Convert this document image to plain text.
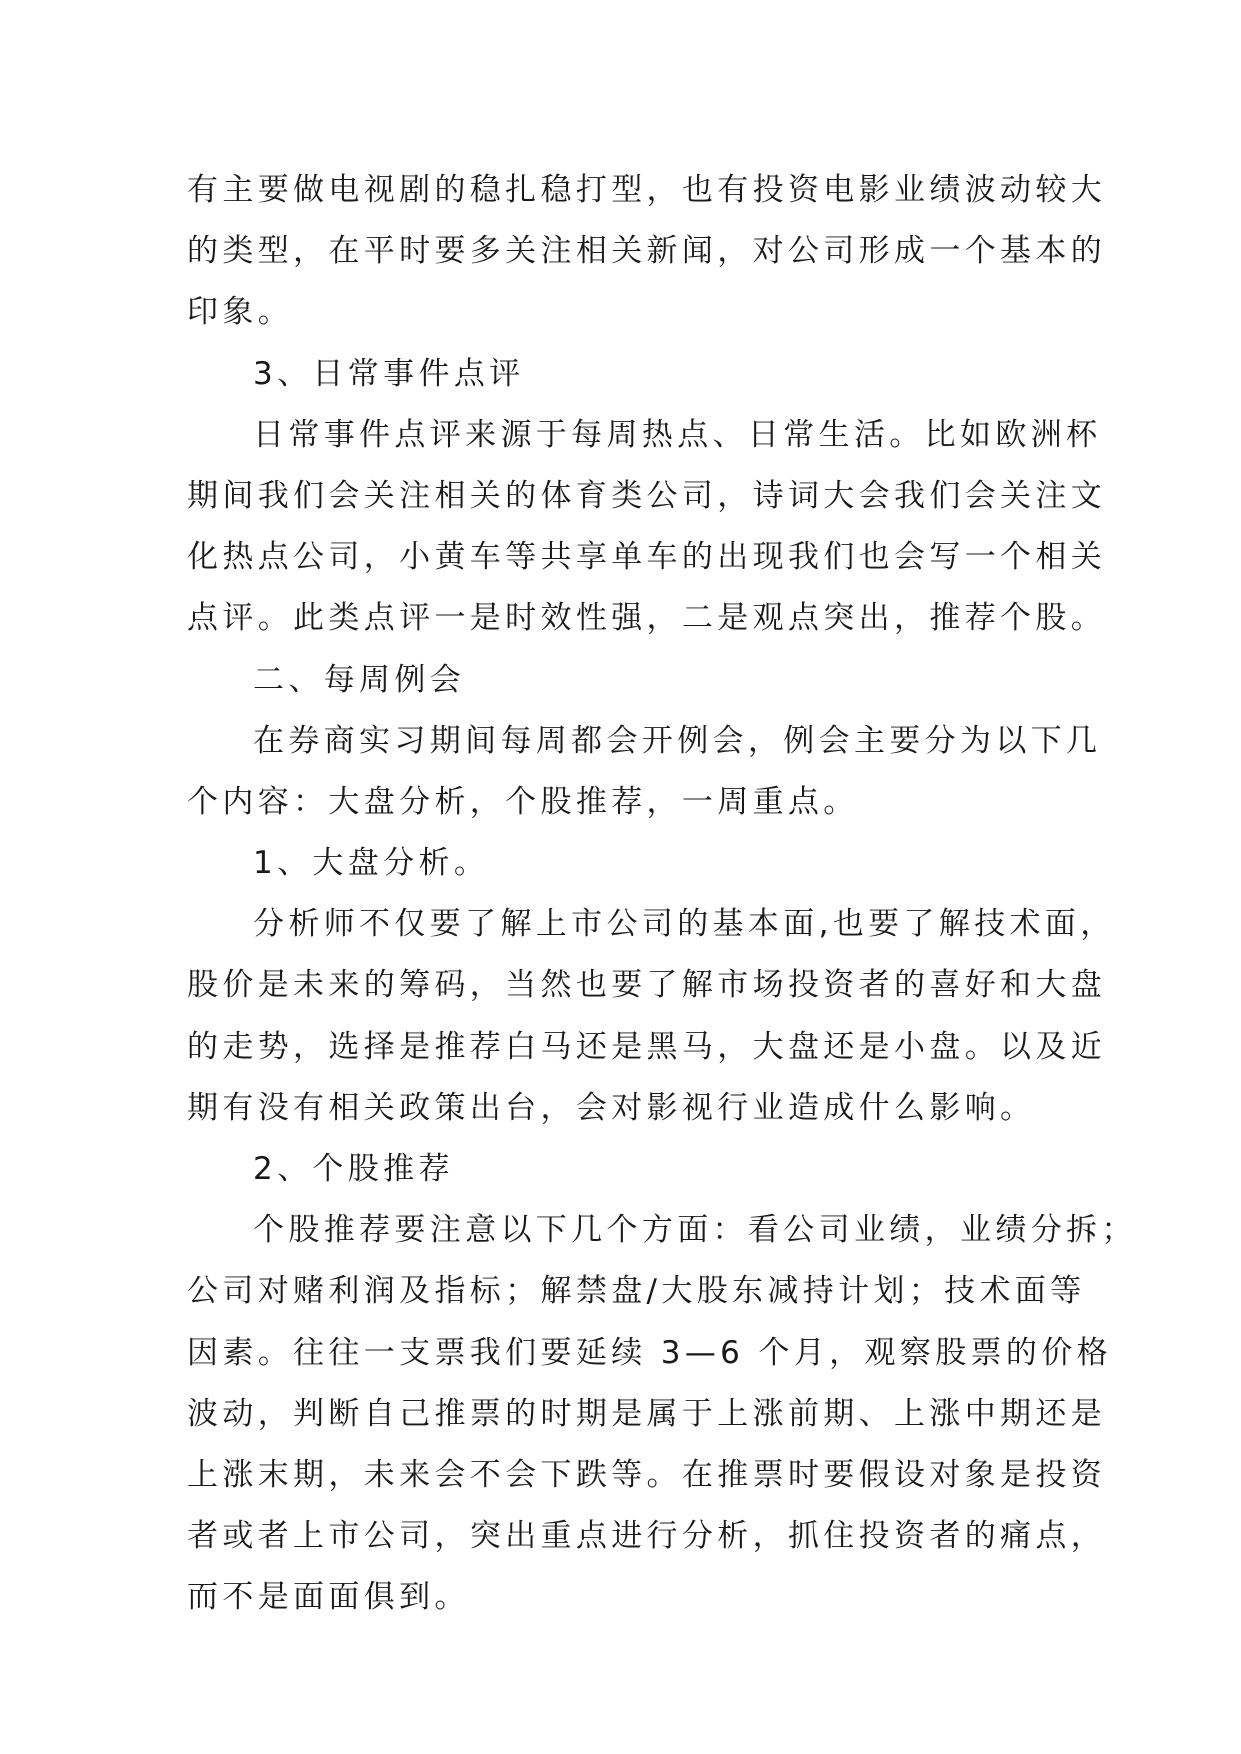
有主要做电视剧的稳扎稳打型，也有投资电影业绩波动较大
的类型，在平时要多关注相关新闻，对公司形成一个基本的
印象。
3、日常事件点评
日常事件点评来源于每周热点、日常生活。比如欧洲杯
期间我们会关注相关的体育类公司，诗词大会我们会关注文
化热点公司，小黄车等共享单车的出现我们也会写一个相关
点评。此类点评一是时效性强，二是观点突出，推荐个股。
二、每周例会
在券商实习期间每周都会开例会，例会主要分为以下几
个内容：大盘分析，个股推荐，一周重点。
1、大盘分析。
分析师不仅要了解上市公司的基本面,也要了解技术面，
股价是未来的筹码，当然也要了解市场投资者的喜好和大盘
的走势，选择是推荐白马还是黑马，大盘还是小盘。以及近
期有没有相关政策出台，会对影视行业造成什么影响。
2、个股推荐
个股推荐要注意以下几个方面：看公司业绩，业绩分拆；
公司对赌利润及指标；解禁盘/大股东减持计划；技术面等
因素。往往一支票我们要延续 3—6 个月，观察股票的价格
波动，判断自己推票的时期是属于上涨前期、上涨中期还是
上涨末期，未来会不会下跌等。在推票时要假设对象是投资
者或者上市公司，突出重点进行分析，抓住投资者的痛点，
而不是面面俱到。
